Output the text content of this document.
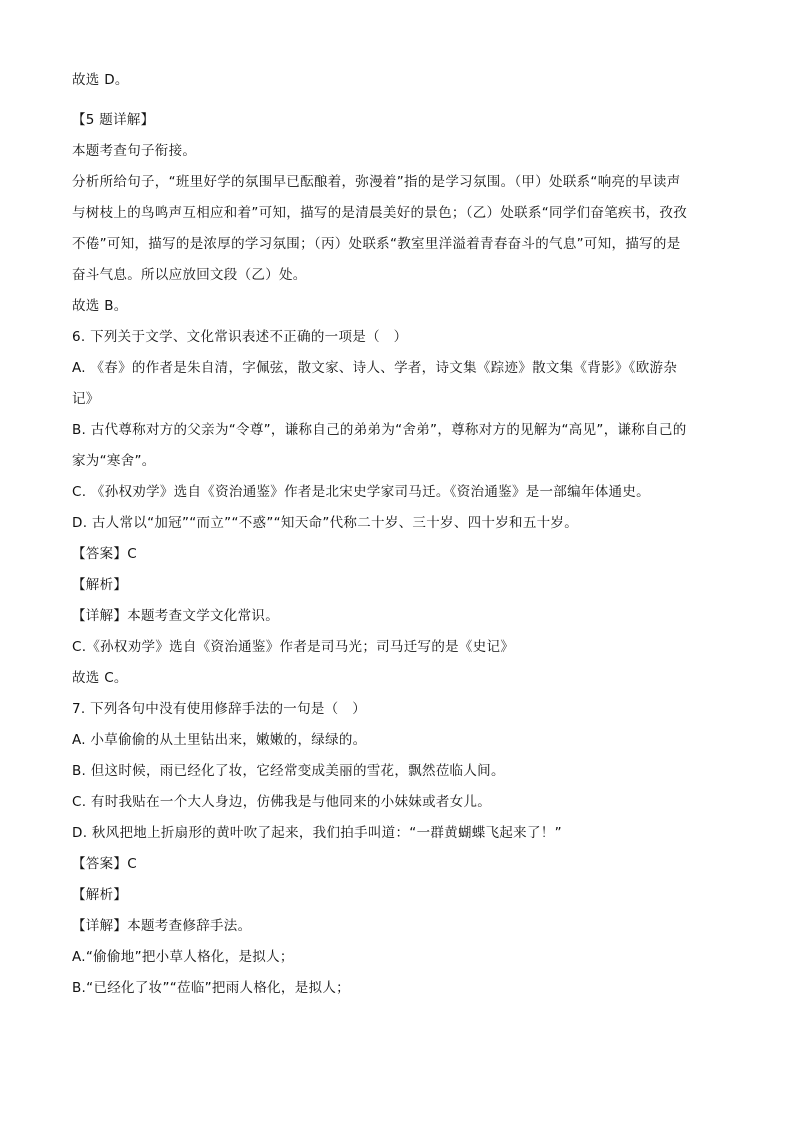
故选 D。

【5 题详解】

本题考查句子衔接。

分析所给句子，“班里好学的氛围早已酝酿着，弥漫着”指的是学习氛围。（甲）处联系“响亮的早读声

与树枝上的鸟鸣声互相应和着”可知，描写的是清晨美好的景色；（乙）处联系“同学们奋笔疾书，孜孜

不倦”可知，描写的是浓厚的学习氛围；（丙）处联系“教室里洋溢着青春奋斗的气息”可知，描写的是

奋斗气息。所以应放回文段（乙）处。

故选 B。

6. 下列关于文学、文化常识表述不正确的一项是（　）

A. 《春》的作者是朱自清，字佩弦，散文家、诗人、学者，诗文集《踪迹》散文集《背影》《欧游杂

记》

B. 古代尊称对方的父亲为“令尊”，谦称自己的弟弟为“舍弟”，尊称对方的见解为“高见”，谦称自己的

家为“寒舍”。

C. 《孙权劝学》选自《资治通鉴》作者是北宋史学家司马迁。《资治通鉴》是一部编年体通史。

D. 古人常以“加冠”“而立”“不惑”“知天命”代称二十岁、三十岁、四十岁和五十岁。

【答案】C

【解析】

【详解】本题考查文学文化常识。

C.《孙权劝学》选自《资治通鉴》作者是司马光；司马迁写的是《史记》

故选 C。

7. 下列各句中没有使用修辞手法的一句是（　）

A. 小草偷偷的从土里钻出来，嫩嫩的，绿绿的。

B. 但这时候，雨已经化了妆，它经常变成美丽的雪花，飘然莅临人间。

C. 有时我贴在一个大人身边，仿佛我是与他同来的小妹妹或者女儿。

D. 秋风把地上折扇形的黄叶吹了起来，我们拍手叫道：“一群黄蝴蝶飞起来了！”

【答案】C

【解析】

【详解】本题考查修辞手法。

A.“偷偷地”把小草人格化，是拟人；

B.“已经化了妆”“莅临”把雨人格化，是拟人；
